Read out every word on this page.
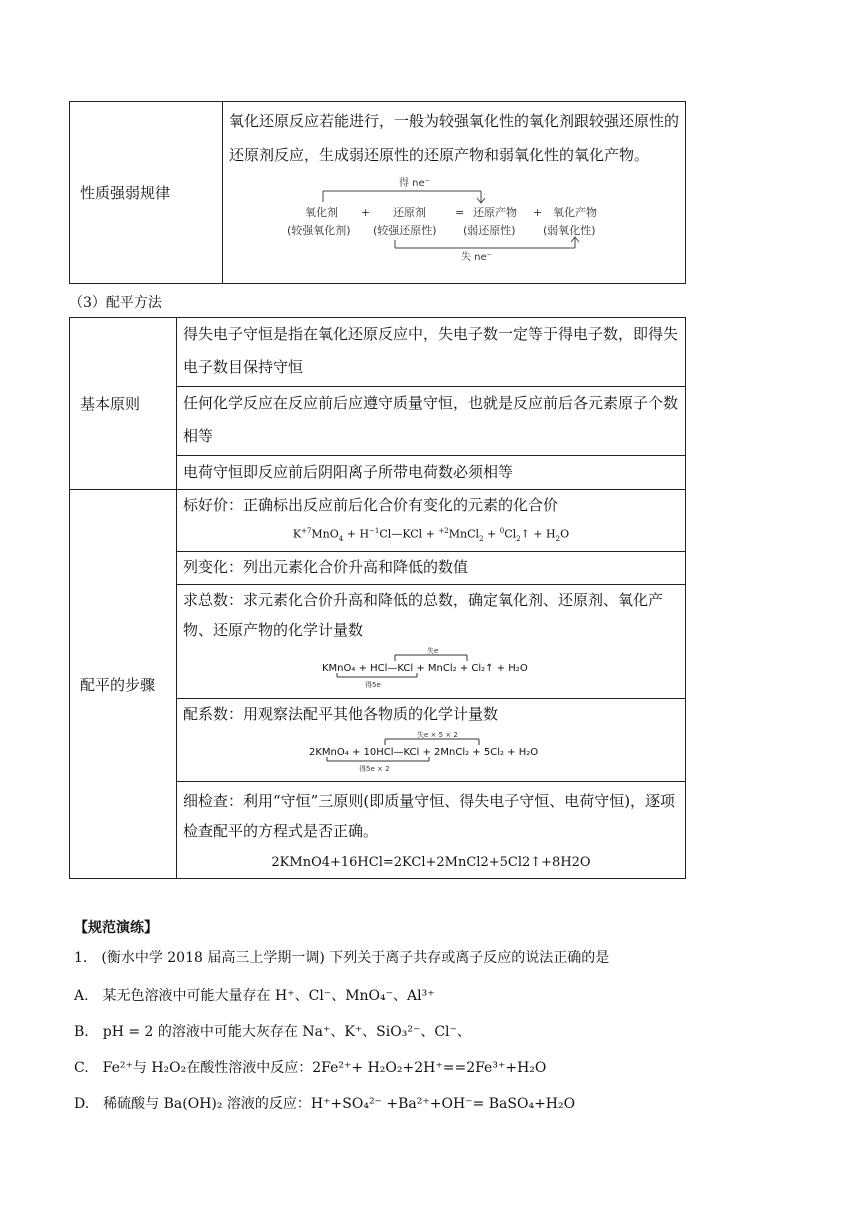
性质强弱规律	
氧化还原反应若能进行，一般为较强氧化性的氧化剂跟较强还原性的还原剂反应，生成弱还原性的还原产物和弱氧化性的氧化产物。
得 ne⁻
氧化剂 + 还原剂	= 还原产物 + 氧化产物
(较强氧化剂) (较强还原性) (弱还原性) (弱氧化性)
失 ne⁻
（3）配平方法
基本原则	得失电子守恒是指在氧化还原反应中，失电子数一定等于得电子数，即得失电子数目保持守恒
	任何化学反应在反应前后应遵守质量守恒，也就是反应前后各元素原子个数相等
	电荷守恒即反应前后阴阳离子所带电荷数必须相等
配平的步骤	标好价：正确标出反应前后化合价有变化的元素的化合价
$K^{+7}MnO_4$ + $H^{-1}Cl—KCl$ + $^{+2}$MnCl$_2$ + $^0Cl_2↑ + H_2O$

	列变化：列出元素化合价升高和降低的数值

	求总数：求元素化合价升高和降低的总数，确定氧化剂、还原剂、氧化产物、还原产物的化学计量数
失e
KMnO₄ + HCl—KCl + MnCl₂ + Cl₂↑ + H₂O
得5e

	配系数：用观察法配平其他各物质的化学计量数
失e × 5 × 2
2KMnO₄ + 10HCl—KCl + 2MnCl₂ + 5Cl₂ + H₂O
得5e × 2

	细检查：利用“守恒”三原则(即质量守恒、得失电子守恒、电荷守恒)，逐项检查配平的方程式是否正确。
2KMnO4+16HCl=2KCl+2MnCl2+5Cl2↑+8H2O
【规范演练】
1.　(衡水中学 2018 届高三上学期一调) 下列关于离子共存或离子反应的说法正确的是
A.　某无色溶液中可能大量存在 H⁺、Cl⁻、MnO₄⁻、Al³⁺
B.　pH = 2 的溶液中可能大灰存在 Na⁺、K⁺、SiO₃²⁻、Cl⁻、
C.　Fe²⁺与 H₂O₂在酸性溶液中反应：2Fe²⁺+ H₂O₂+2H⁺==2Fe³⁺+H₂O
D.　稀硫酸与 Ba(OH)₂ 溶液的反应：H⁺+SO₄²⁻ +Ba²⁺+OH⁻= BaSO₄+H₂O
